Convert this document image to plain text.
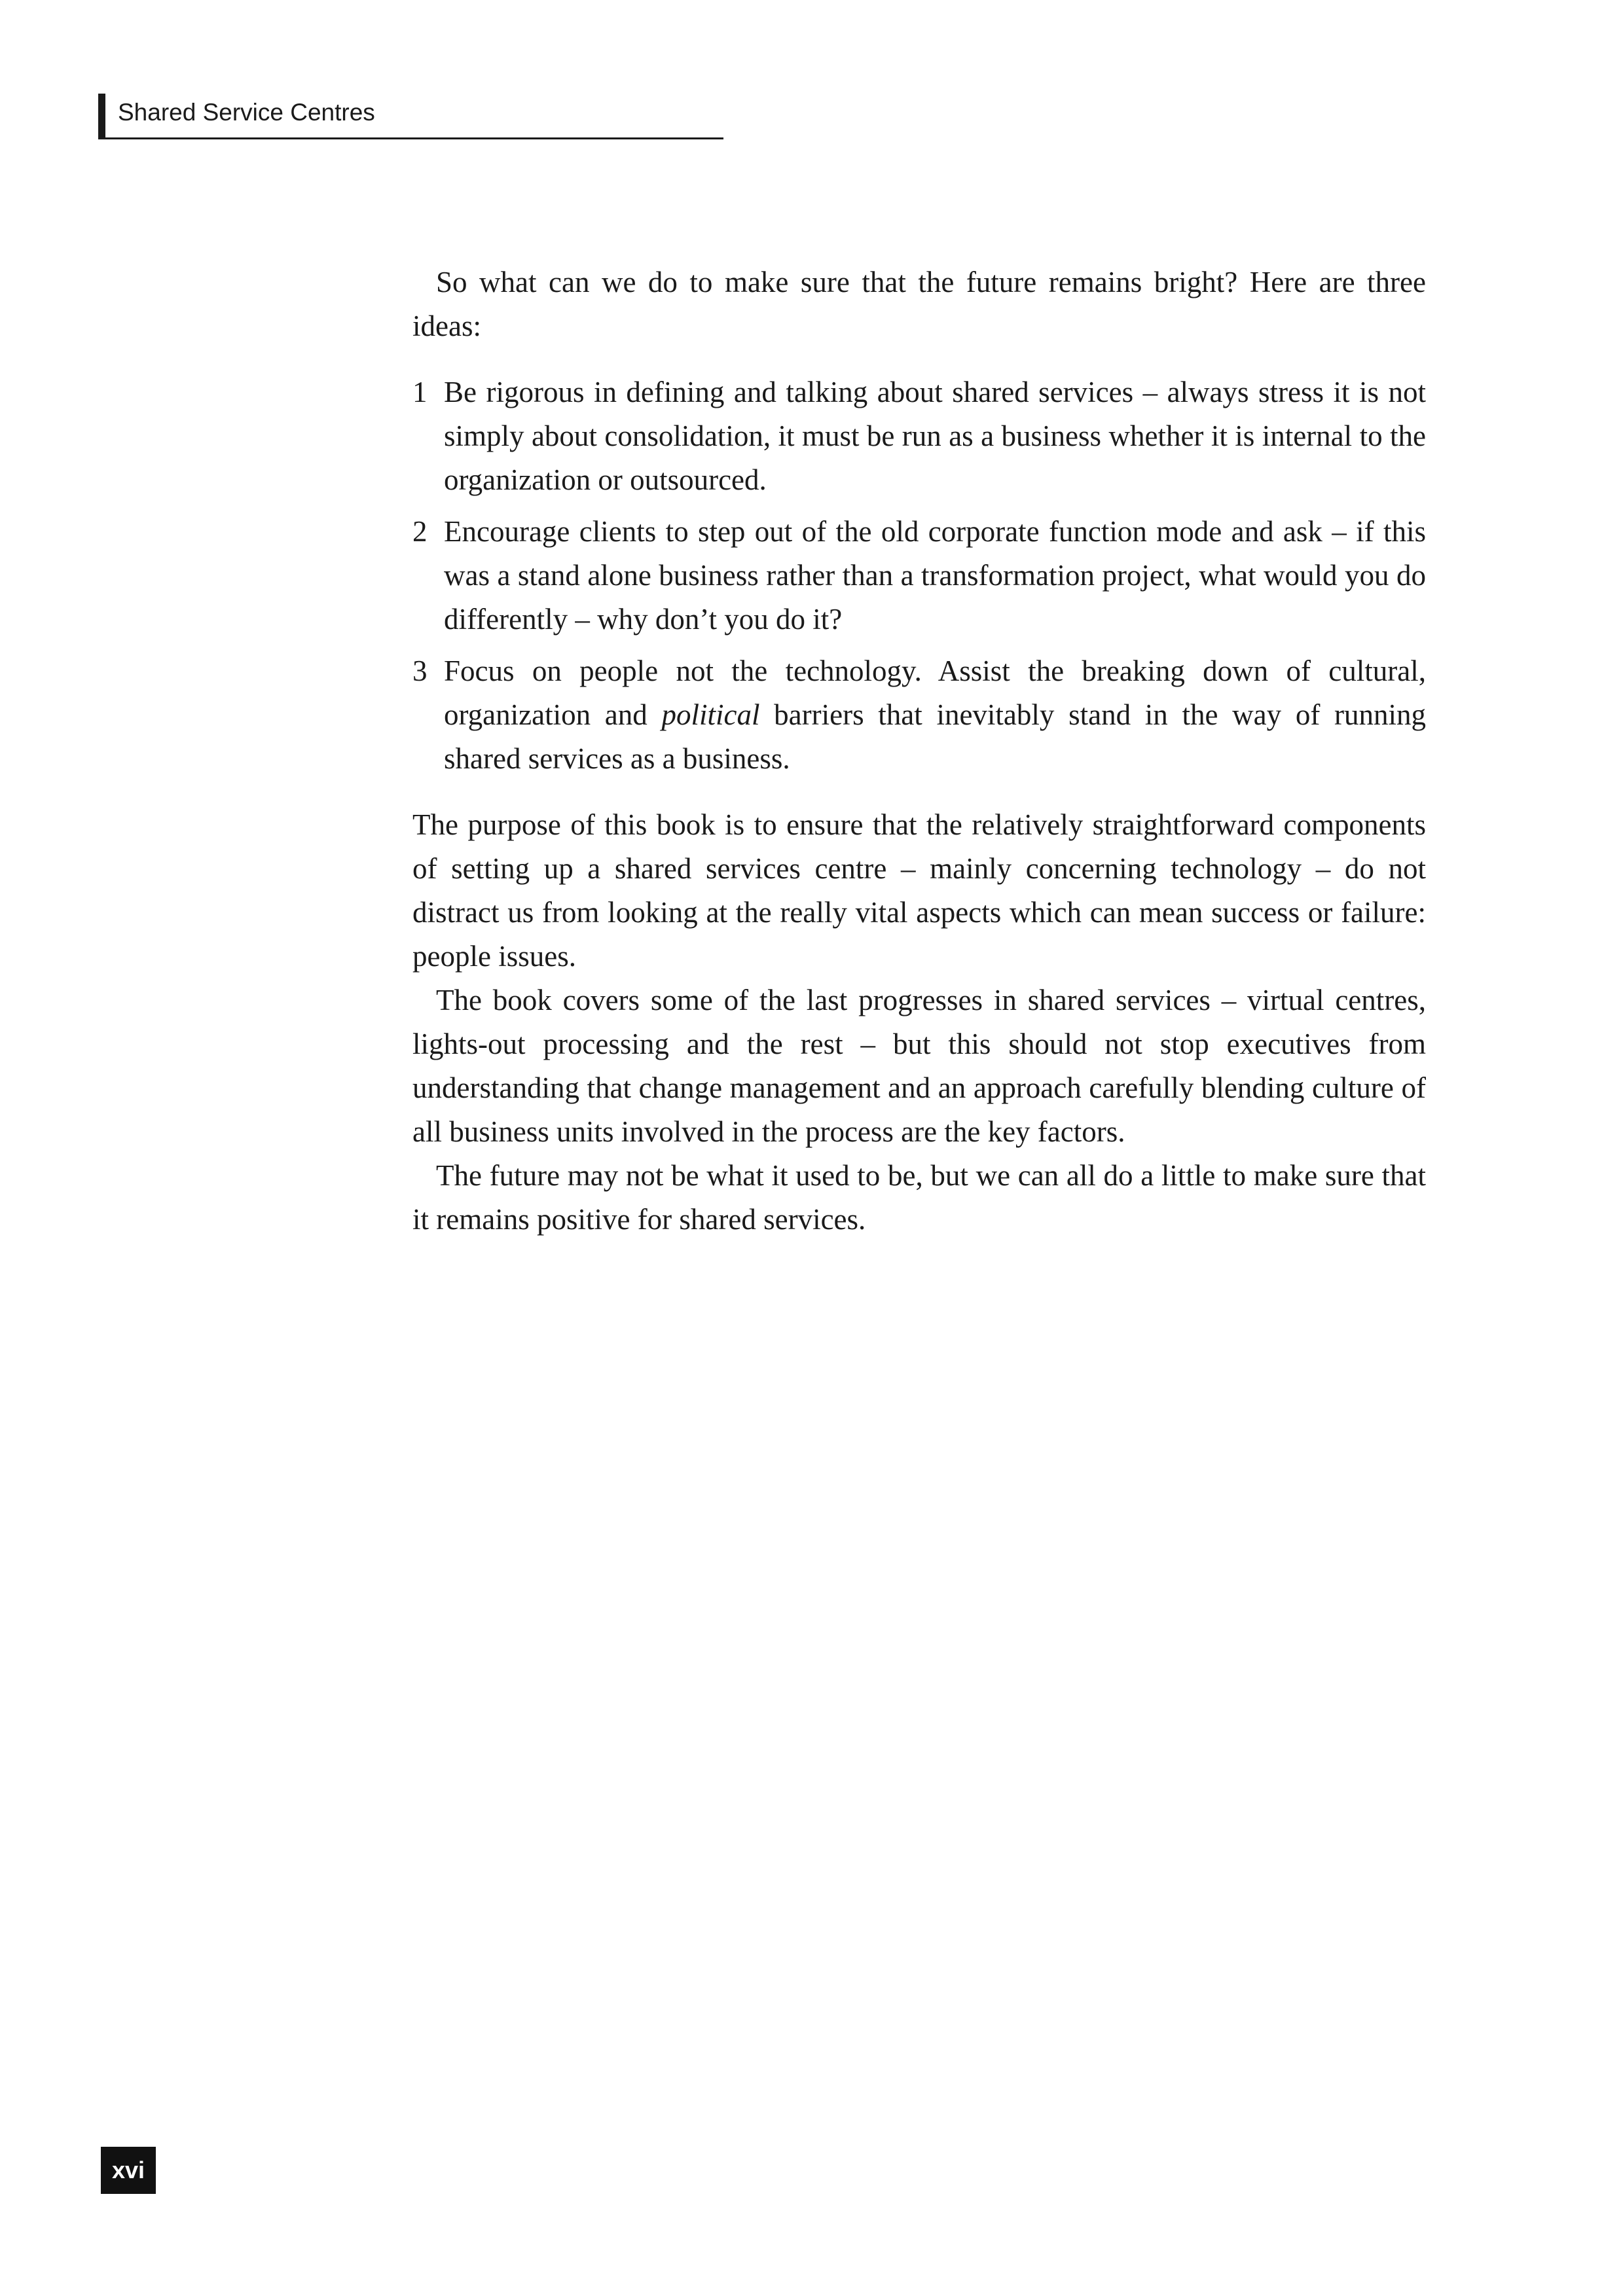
Shared Service Centres

So what can we do to make sure that the future remains bright? Here are three ideas:

1 Be rigorous in defining and talking about shared services – always stress it is not simply about consolidation, it must be run as a business whether it is internal to the organization or outsourced.
2 Encourage clients to step out of the old corporate function mode and ask – if this was a stand alone business rather than a transformation project, what would you do differently – why don’t you do it?
3 Focus on people not the technology. Assist the breaking down of cultural, organization and political barriers that inevitably stand in the way of running shared services as a business.

The purpose of this book is to ensure that the relatively straightforward components of setting up a shared services centre – mainly concerning technology – do not distract us from looking at the really vital aspects which can mean success or failure: people issues.

The book covers some of the last progresses in shared services – virtual centres, lights-out processing and the rest – but this should not stop executives from understanding that change management and an approach carefully blending culture of all business units involved in the process are the key factors.

The future may not be what it used to be, but we can all do a little to make sure that it remains positive for shared services.

xvi
